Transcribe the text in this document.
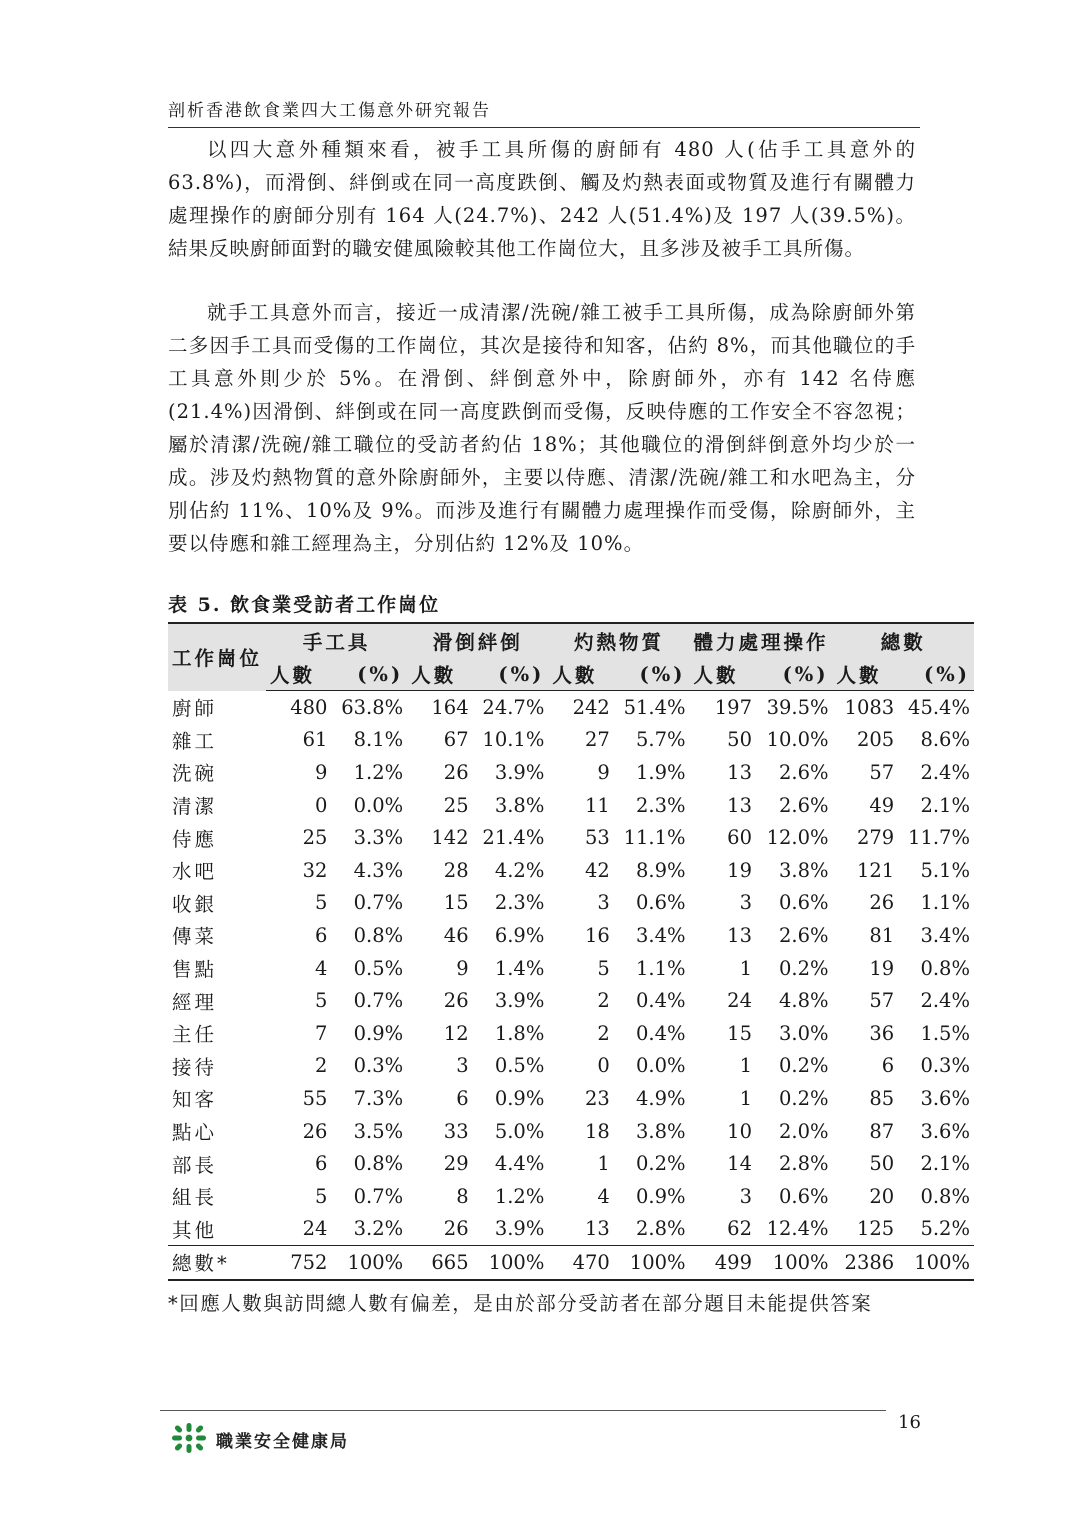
剖析香港飲食業四大工傷意外研究報告

以四大意外種類來看，被手工具所傷的廚師有 480 人(佔手工具意外的 63.8%)，而滑倒、絆倒或在同一高度跌倒、觸及灼熱表面或物質及進行有關體力處理操作的廚師分別有 164 人(24.7%)、242 人(51.4%)及 197 人(39.5%)。結果反映廚師面對的職安健風險較其他工作崗位大，且多涉及被手工具所傷。

就手工具意外而言，接近一成清潔/洗碗/雜工被手工具所傷，成為除廚師外第二多因手工具而受傷的工作崗位，其次是接待和知客，佔約 8%，而其他職位的手工具意外則少於 5%。在滑倒、絆倒意外中，除廚師外，亦有 142 名侍應(21.4%)因滑倒、絆倒或在同一高度跌倒而受傷，反映侍應的工作安全不容忽視；屬於清潔/洗碗/雜工職位的受訪者約佔 18%；其他職位的滑倒絆倒意外均少於一成。涉及灼熱物質的意外除廚師外，主要以侍應、清潔/洗碗/雜工和水吧為主，分別佔約 11%、10%及 9%。而涉及進行有關體力處理操作而受傷，除廚師外，主要以侍應和雜工經理為主，分別佔約 12%及 10%。

表 5. 飲食業受訪者工作崗位
工作崗位	手工具		滑倒絆倒		灼熱物質		體力處理操作		總數	
	人數	(%)	人數	(%)	人數	(%)	人數	(%)	人數	(%)
廚師	480	63.8%	164	24.7%	242	51.4%	197	39.5%	1083	45.4%
雜工	61	8.1%	67	10.1%	27	5.7%	50	10.0%	205	8.6%
洗碗	9	1.2%	26	3.9%	9	1.9%	13	2.6%	57	2.4%
清潔	0	0.0%	25	3.8%	11	2.3%	13	2.6%	49	2.1%
侍應	25	3.3%	142	21.4%	53	11.1%	60	12.0%	279	11.7%
水吧	32	4.3%	28	4.2%	42	8.9%	19	3.8%	121	5.1%
收銀	5	0.7%	15	2.3%	3	0.6%	3	0.6%	26	1.1%
傳菜	6	0.8%	46	6.9%	16	3.4%	13	2.6%	81	3.4%
售點	4	0.5%	9	1.4%	5	1.1%	1	0.2%	19	0.8%
經理	5	0.7%	26	3.9%	2	0.4%	24	4.8%	57	2.4%
主任	7	0.9%	12	1.8%	2	0.4%	15	3.0%	36	1.5%
接待	2	0.3%	3	0.5%	0	0.0%	1	0.2%	6	0.3%
知客	55	7.3%	6	0.9%	23	4.9%	1	0.2%	85	3.6%
點心	26	3.5%	33	5.0%	18	3.8%	10	2.0%	87	3.6%
部長	6	0.8%	29	4.4%	1	0.2%	14	2.8%	50	2.1%
組長	5	0.7%	8	1.2%	4	0.9%	3	0.6%	20	0.8%
其他	24	3.2%	26	3.9%	13	2.8%	62	12.4%	125	5.2%
總數*	752	100%	665	100%	470	100%	499	100%	2386	100%
*回應人數與訪問總人數有偏差，是由於部分受訪者在部分題目未能提供答案
16
職業安全健康局
